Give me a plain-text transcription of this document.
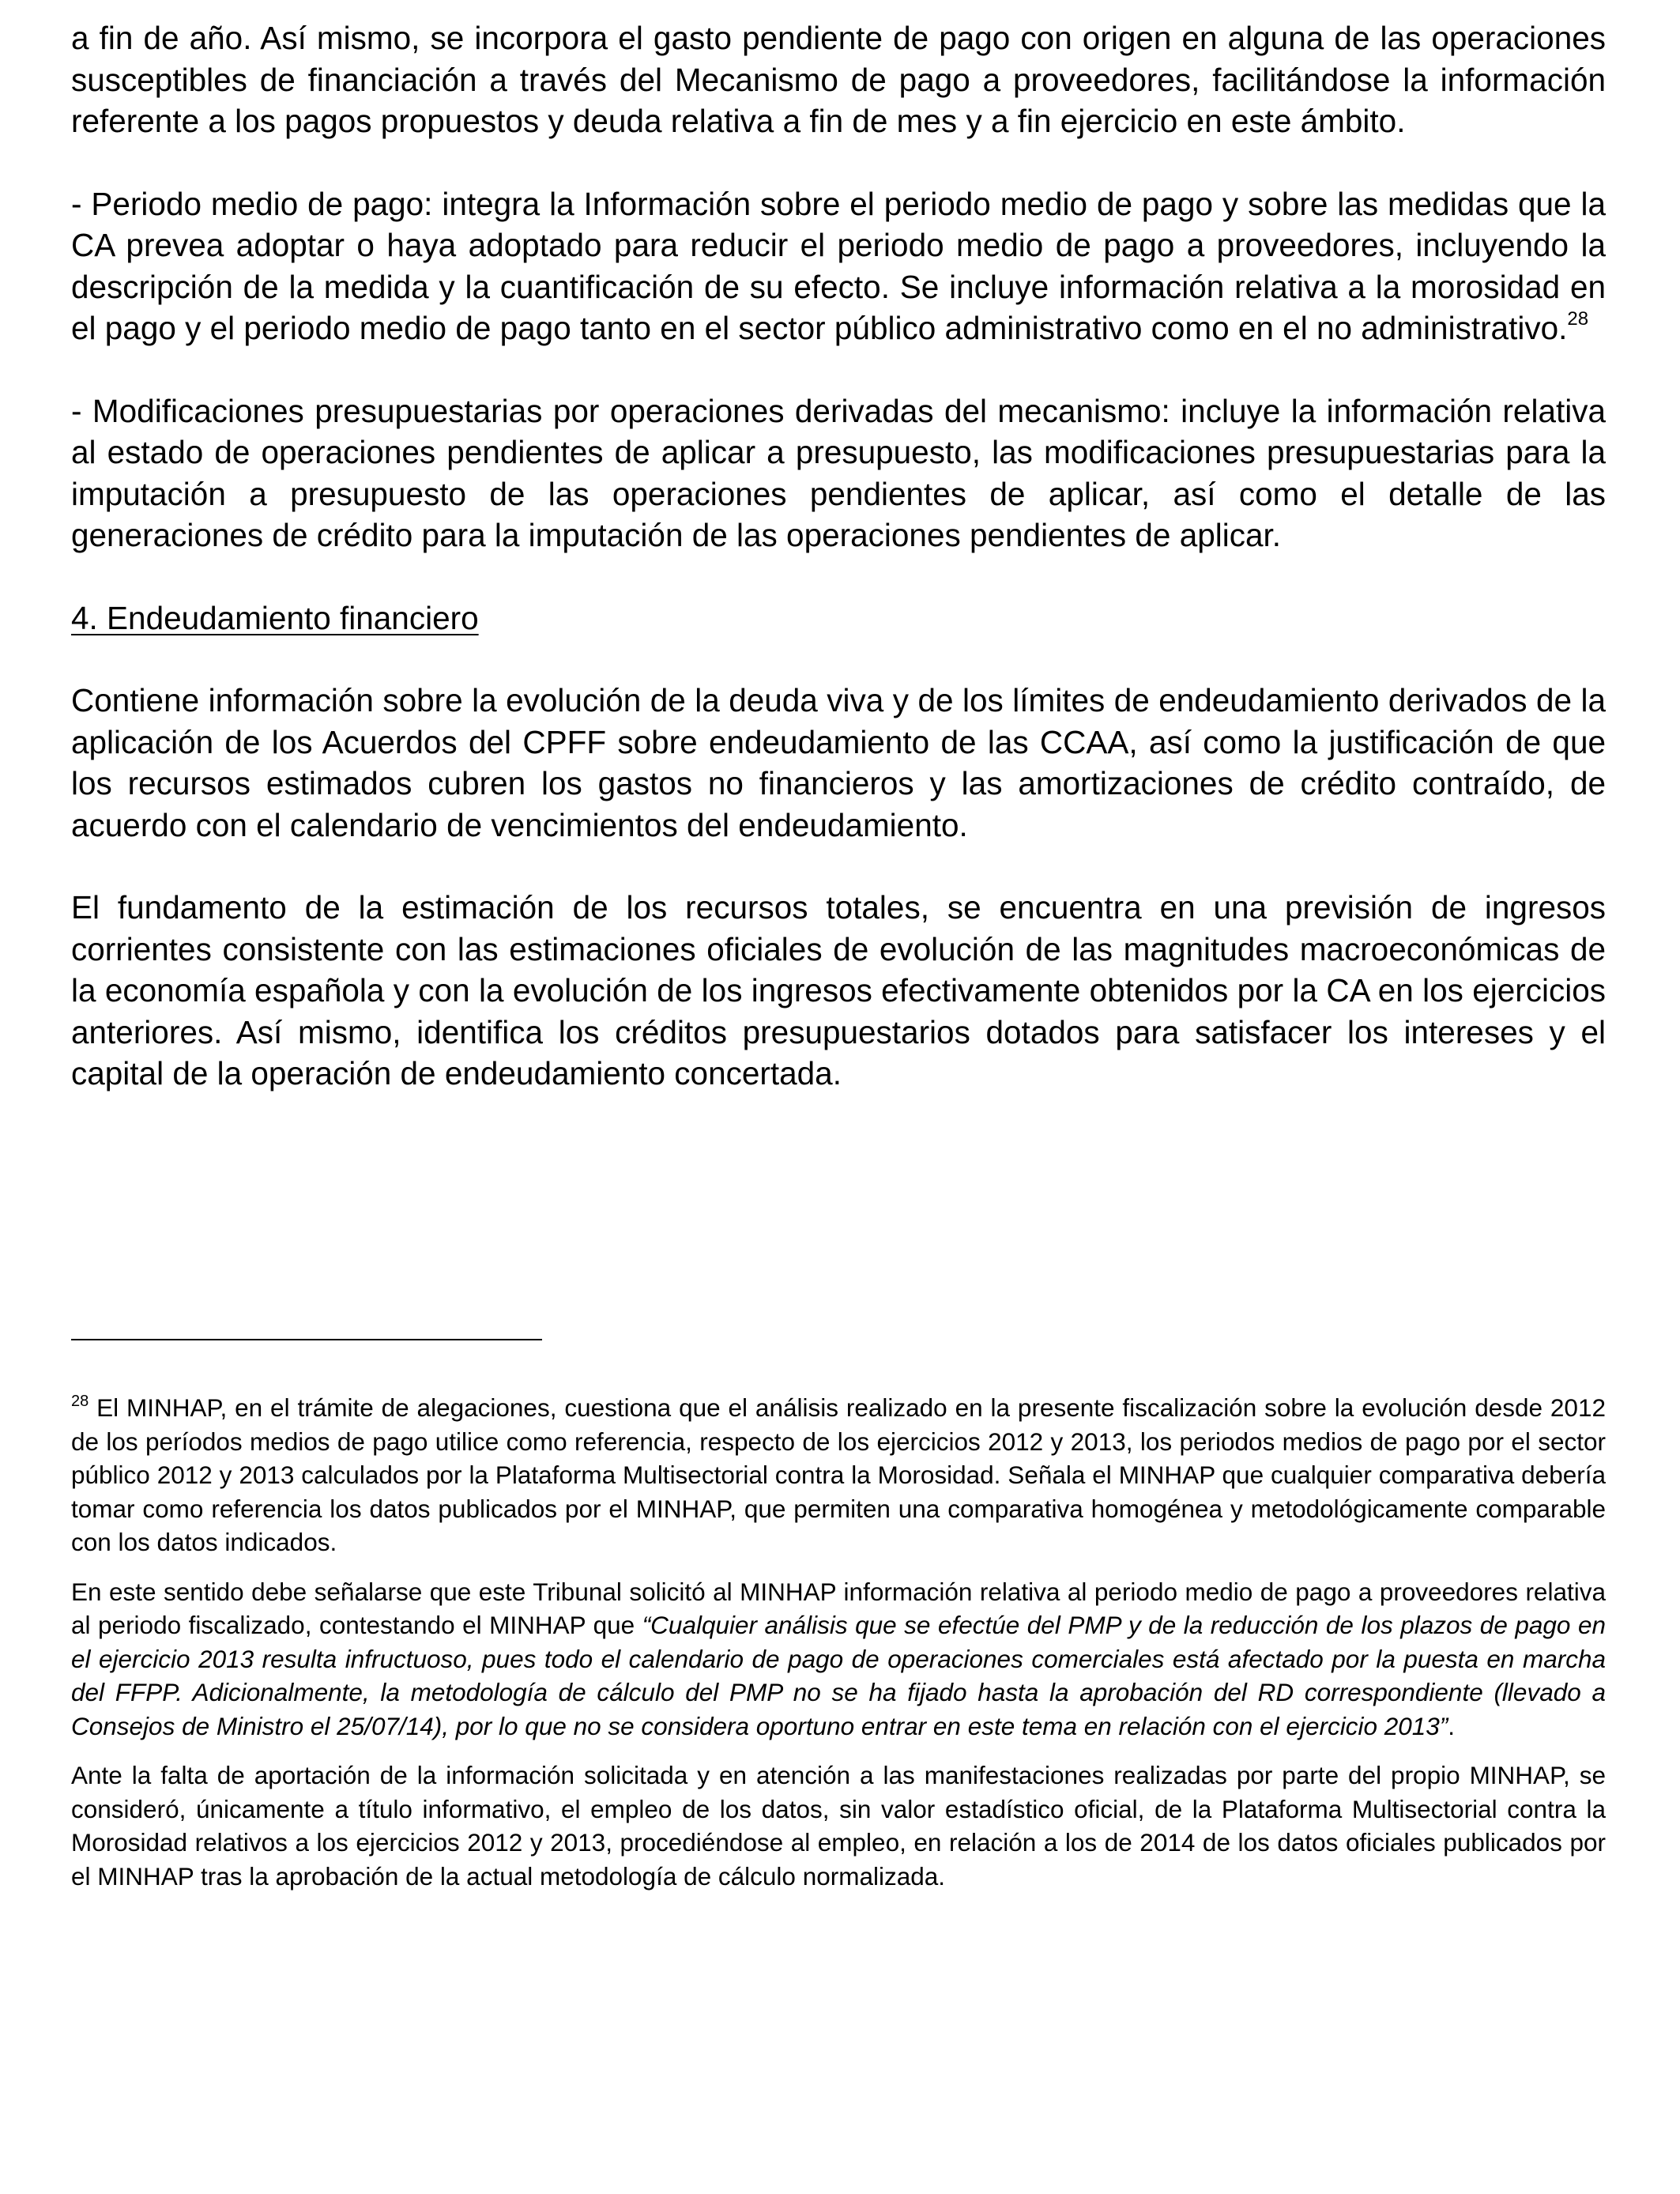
a fin de año. Así mismo, se incorpora el gasto pendiente de pago con origen en alguna de las operaciones susceptibles de financiación a través del Mecanismo de pago a proveedores, facilitándose la información referente a los pagos propuestos y deuda relativa a fin de mes y a fin ejercicio en este ámbito.

- Periodo medio de pago: integra la Información sobre el periodo medio de pago y sobre las medidas que la CA prevea adoptar o haya adoptado para reducir el periodo medio de pago a proveedores, incluyendo la descripción de la medida y la cuantificación de su efecto. Se incluye información relativa a la morosidad en el pago y el periodo medio de pago tanto en el sector público administrativo como en el no administrativo.$^{28}$

- Modificaciones presupuestarias por operaciones derivadas del mecanismo: incluye la información relativa al estado de operaciones pendientes de aplicar a presupuesto, las modificaciones presupuestarias para la imputación a presupuesto de las operaciones pendientes de aplicar, así como el detalle de las generaciones de crédito para la imputación de las operaciones pendientes de aplicar.

4. Endeudamiento financiero

Contiene información sobre la evolución de la deuda viva y de los límites de endeudamiento derivados de la aplicación de los Acuerdos del CPFF sobre endeudamiento de las CCAA, así como la justificación de que los recursos estimados cubren los gastos no financieros y las amortizaciones de crédito contraído, de acuerdo con el calendario de vencimientos del endeudamiento.

El fundamento de la estimación de los recursos totales, se encuentra en una previsión de ingresos corrientes consistente con las estimaciones oficiales de evolución de las magnitudes macroeconómicas de la economía española y con la evolución de los ingresos efectivamente obtenidos por la CA en los ejercicios anteriores. Así mismo, identifica los créditos presupuestarios dotados para satisfacer los intereses y el capital de la operación de endeudamiento concertada.

$^{28}$ El MINHAP, en el trámite de alegaciones, cuestiona que el análisis realizado en la presente fiscalización sobre la evolución desde 2012 de los períodos medios de pago utilice como referencia, respecto de los ejercicios 2012 y 2013, los periodos medios de pago por el sector público 2012 y 2013 calculados por la Plataforma Multisectorial contra la Morosidad. Señala el MINHAP que cualquier comparativa debería tomar como referencia los datos publicados por el MINHAP, que permiten una comparativa homogénea y metodológicamente comparable con los datos indicados.

En este sentido debe señalarse que este Tribunal solicitó al MINHAP información relativa al periodo medio de pago a proveedores relativa al periodo fiscalizado, contestando el MINHAP que “Cualquier análisis que se efectúe del PMP y de la reducción de los plazos de pago en el ejercicio 2013 resulta infructuoso, pues todo el calendario de pago de operaciones comerciales está afectado por la puesta en marcha del FFPP. Adicionalmente, la metodología de cálculo del PMP no se ha fijado hasta la aprobación del RD correspondiente (llevado a Consejos de Ministro el 25/07/14), por lo que no se considera oportuno entrar en este tema en relación con el ejercicio 2013”.

Ante la falta de aportación de la información solicitada y en atención a las manifestaciones realizadas por parte del propio MINHAP, se consideró, únicamente a título informativo, el empleo de los datos, sin valor estadístico oficial, de la Plataforma Multisectorial contra la Morosidad relativos a los ejercicios 2012 y 2013, procediéndose al empleo, en relación a los de 2014 de los datos oficiales publicados por el MINHAP tras la aprobación de la actual metodología de cálculo normalizada.
